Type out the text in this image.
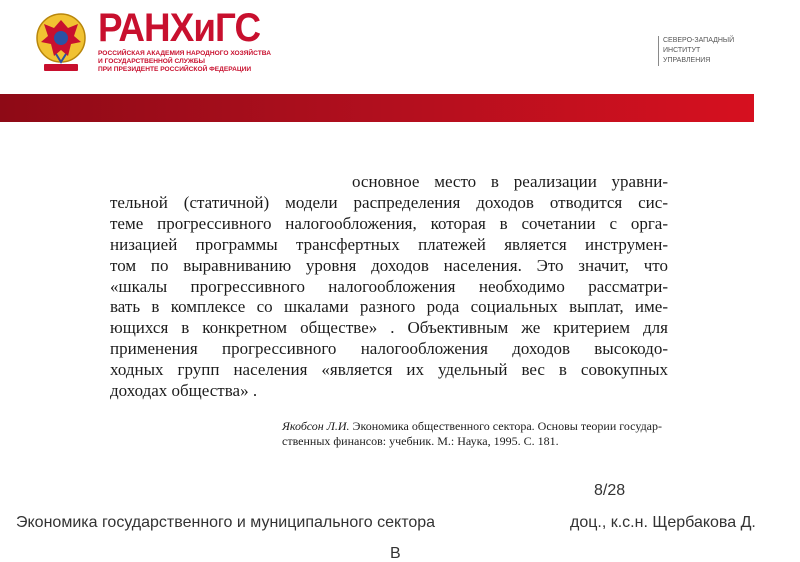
РАНХиГС
РОССИЙСКАЯ АКАДЕМИЯ НАРОДНОГО ХОЗЯЙСТВА
И ГОСУДАРСТВЕННОЙ СЛУЖБЫ
ПРИ ПРЕЗИДЕНТЕ РОССИЙСКОЙ ФЕДЕРАЦИИ
СЕВЕРО-ЗАПАДНЫЙ
ИНСТИТУТ
УПРАВЛЕНИЯ
основное место в реализации уравни-
тельной (статичной) модели распределения доходов отводится сис-
теме прогрессивного налогообложения, которая в сочетании с орга-
низацией программы трансфертных платежей является инструмен-
том по выравниванию уровня доходов населения. Это значит, что
«шкалы прогрессивного налогообложения необходимо рассматри-
вать в комплексе со шкалами разного рода социальных выплат, име-
ющихся в конкретном обществе» . Объективным же критерием для
применения прогрессивного налогообложения доходов высокодо-
ходных групп населения «является их удельный вес в совокупных
доходах общества» .
Якобсон Л.И. Экономика общественного сектора. Основы теории государ-
ственных финансов: учебник. М.: Наука, 1995. С. 181.
8/28
Экономика государственного и муниципального сектора	доц., к.с.н. Щербакова Д.
В
